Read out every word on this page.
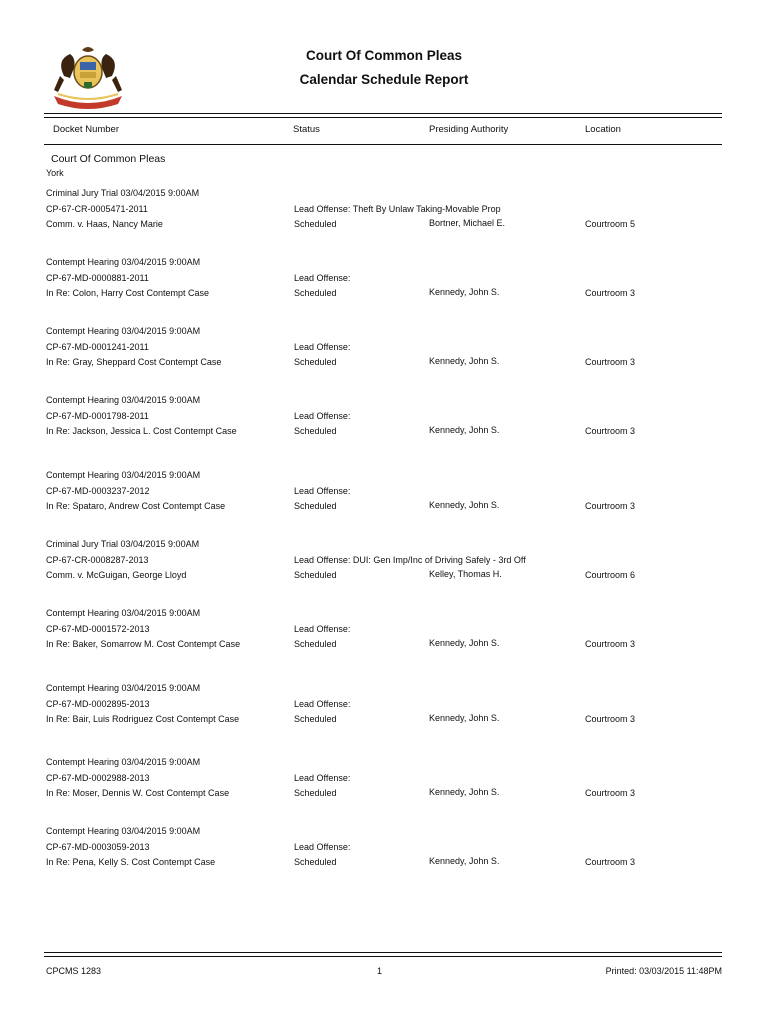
Court Of Common Pleas
Calendar Schedule Report
Docket Number	Status	Presiding Authority	Location
Court Of Common Pleas
York
Criminal Jury Trial 03/04/2015 9:00AM
CP-67-CR-0005471-2011
Comm. v. Haas, Nancy Marie
Lead Offense: Theft By Unlaw Taking-Movable Prop
Scheduled	Bortner, Michael E.	Courtroom 5
Contempt Hearing 03/04/2015 9:00AM
CP-67-MD-0000881-2011
In Re: Colon, Harry Cost Contempt Case
Lead Offense:
Scheduled	Kennedy, John S.	Courtroom 3
Contempt Hearing 03/04/2015 9:00AM
CP-67-MD-0001241-2011
In Re: Gray, Sheppard Cost Contempt Case
Lead Offense:
Scheduled	Kennedy, John S.	Courtroom 3
Contempt Hearing 03/04/2015 9:00AM
CP-67-MD-0001798-2011
In Re: Jackson, Jessica L. Cost Contempt Case
Lead Offense:
Scheduled	Kennedy, John S.	Courtroom 3
Contempt Hearing 03/04/2015 9:00AM
CP-67-MD-0003237-2012
In Re: Spataro, Andrew Cost Contempt Case
Lead Offense:
Scheduled	Kennedy, John S.	Courtroom 3
Criminal Jury Trial 03/04/2015 9:00AM
CP-67-CR-0008287-2013
Comm. v. McGuigan, George Lloyd
Lead Offense: DUI: Gen Imp/Inc of Driving Safely - 3rd Off
Scheduled	Kelley, Thomas H.	Courtroom 6
Contempt Hearing 03/04/2015 9:00AM
CP-67-MD-0001572-2013
In Re: Baker, Somarrow M. Cost Contempt Case
Lead Offense:
Scheduled	Kennedy, John S.	Courtroom 3
Contempt Hearing 03/04/2015 9:00AM
CP-67-MD-0002895-2013
In Re: Bair, Luis Rodriguez Cost Contempt Case
Lead Offense:
Scheduled	Kennedy, John S.	Courtroom 3
Contempt Hearing 03/04/2015 9:00AM
CP-67-MD-0002988-2013
In Re: Moser, Dennis W. Cost Contempt Case
Lead Offense:
Scheduled	Kennedy, John S.	Courtroom 3
Contempt Hearing 03/04/2015 9:00AM
CP-67-MD-0003059-2013
In Re: Pena, Kelly S. Cost Contempt Case
Lead Offense:
Scheduled	Kennedy, John S.	Courtroom 3
CPCMS 1283	1	Printed: 03/03/2015 11:48PM
